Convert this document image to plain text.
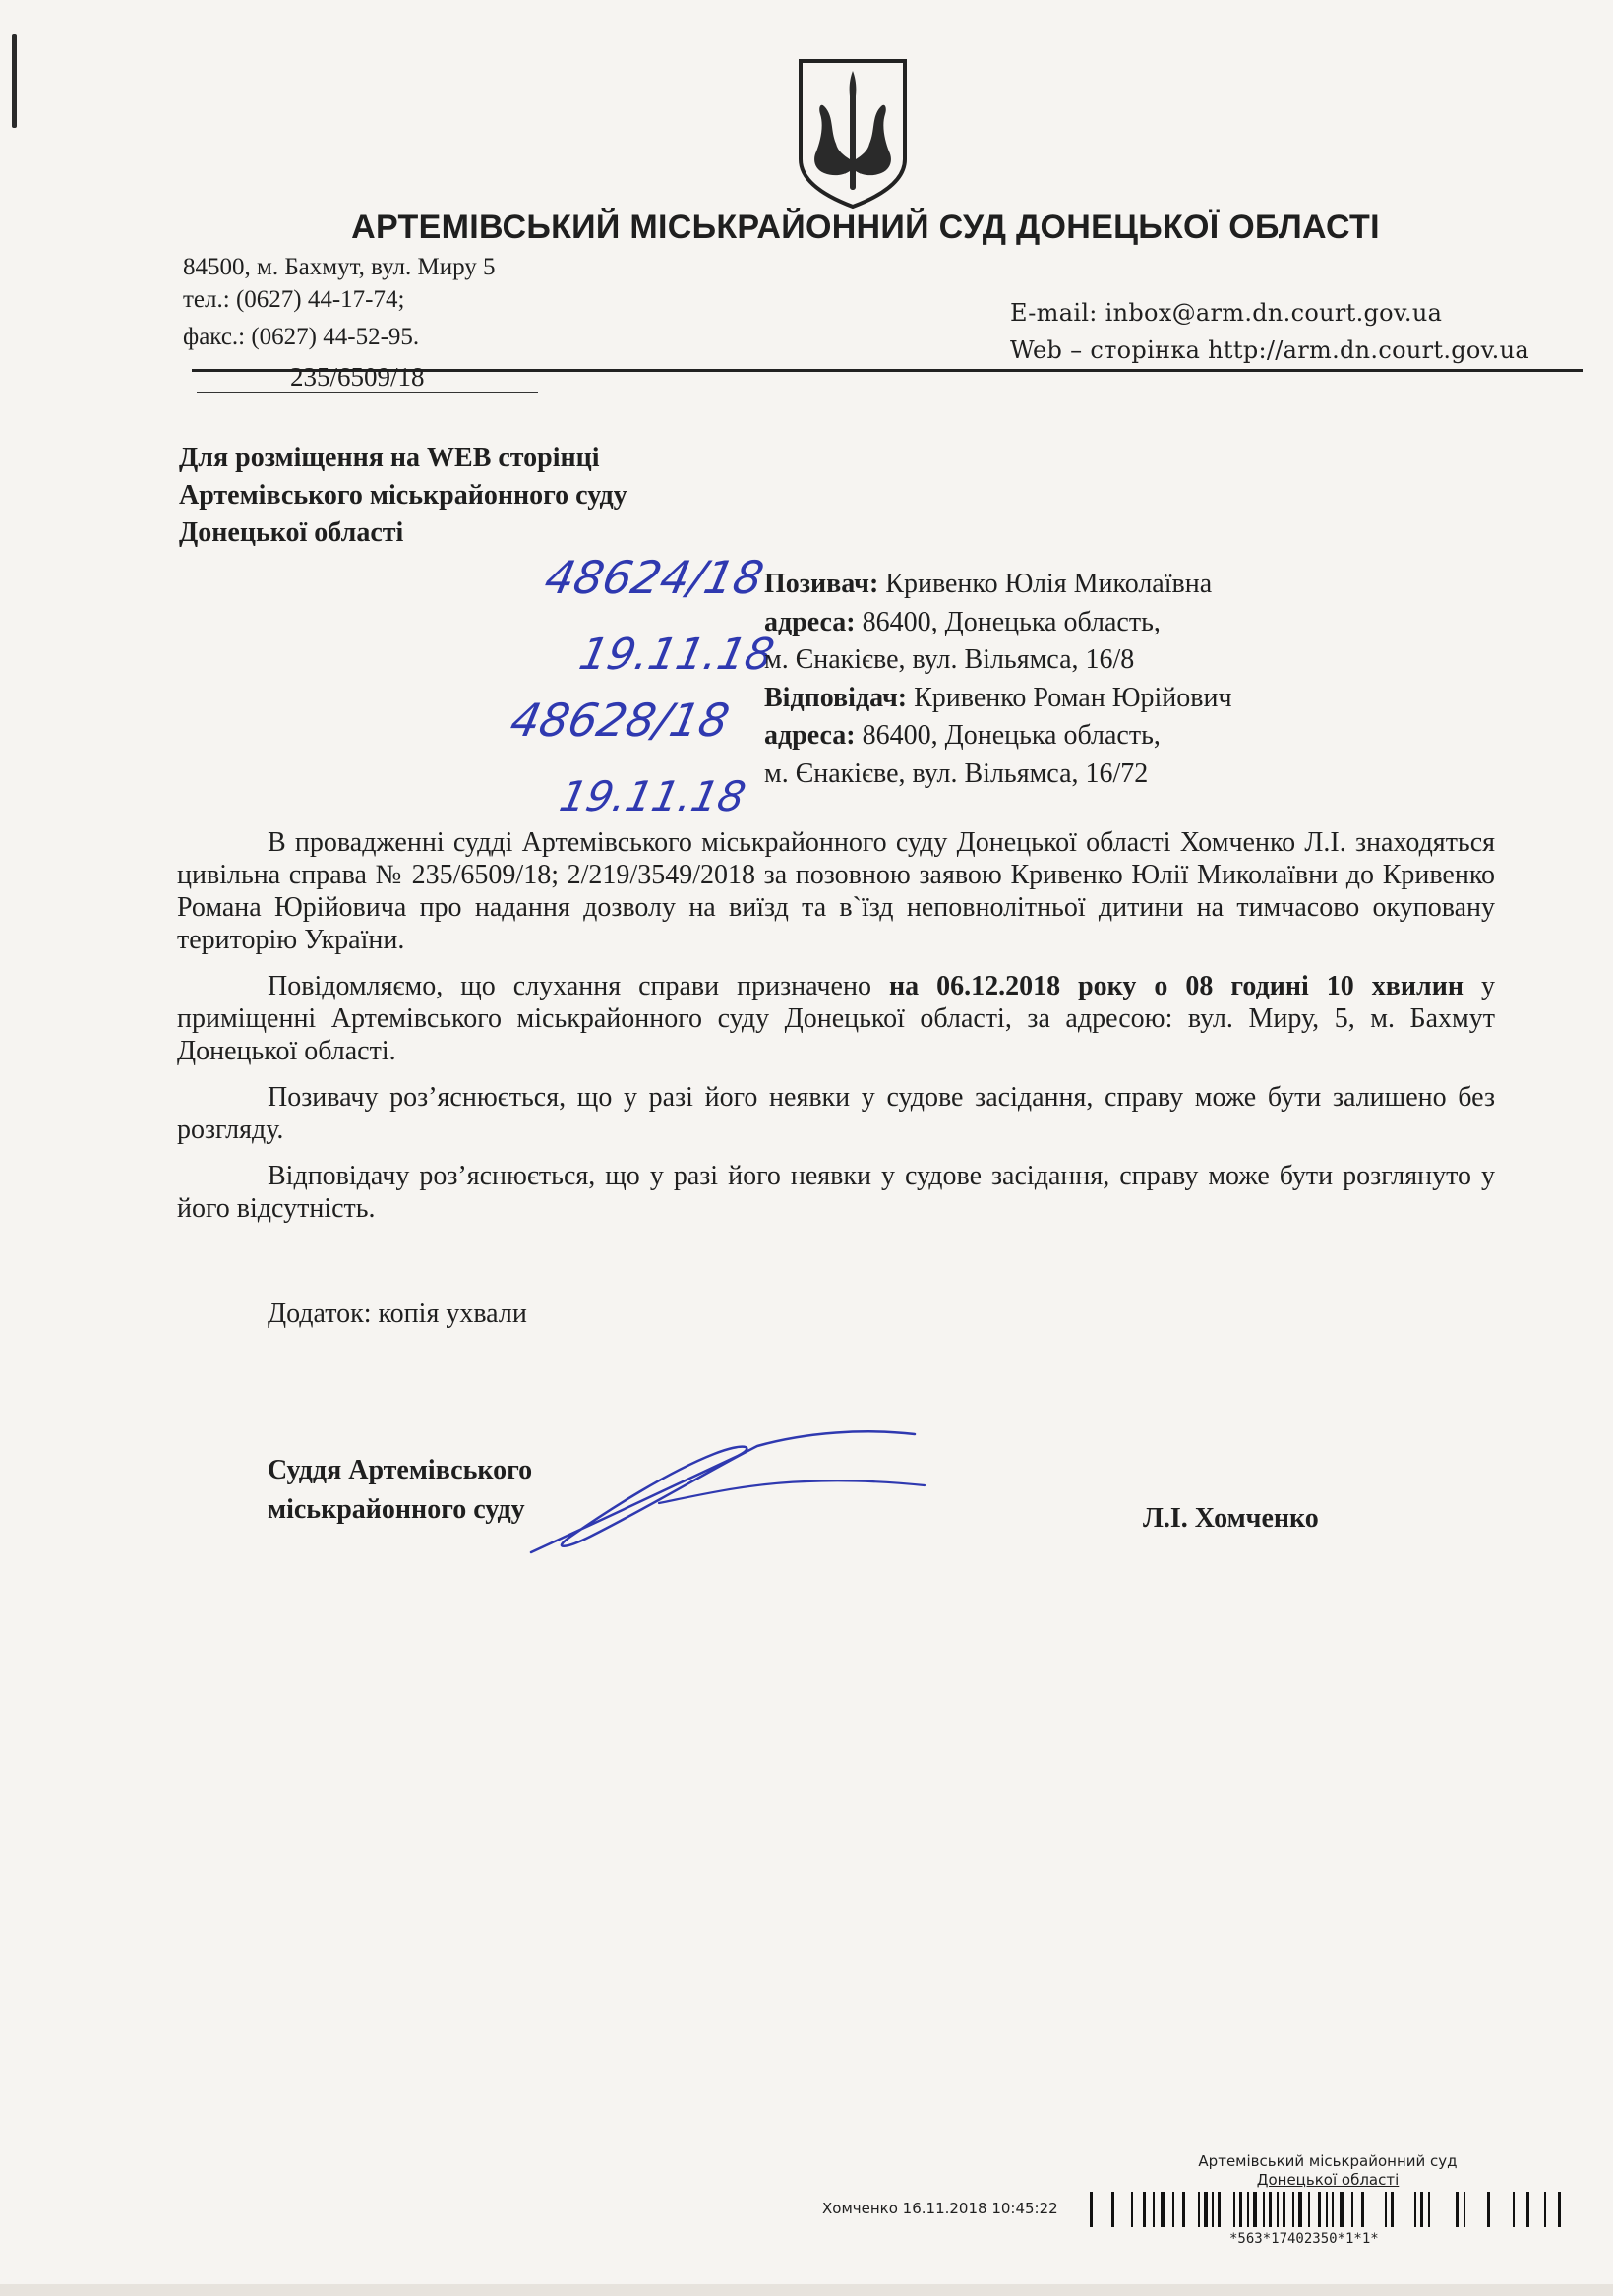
АРТЕМІВСЬКИЙ МІСЬКРАЙОННИЙ СУД ДОНЕЦЬКОЇ ОБЛАСТІ
84500, м. Бахмут, вул. Миру 5
тел.: (0627) 44-17-74;
факс.: (0627) 44-52-95.
E-mail: inbox@arm.dn.court.gov.ua
Web – сторінка http://arm.dn.court.gov.ua
235/6509/18
Для розміщення на WEB сторінці
Артемівського міськрайонного суду
Донецької області
48624/18
19.11.18
48628/18
19.11.18
Позивач: Кривенко Юлія Миколаївна
адреса: 86400, Донецька область,
м. Єнакієве, вул. Вільямса, 16/8
Відповідач: Кривенко Роман Юрійович
адреса: 86400, Донецька область,
м. Єнакієве, вул. Вільямса, 16/72

В провадженні судді Артемівського міськрайонного суду Донецької області Хомченко Л.І. знаходяться цивільна справа № 235/6509/18; 2/219/3549/2018 за позовною заявою Кривенко Юлії Миколаївни до Кривенко Романа Юрійовича про надання дозволу на виїзд та в`їзд неповнолітньої дитини на тимчасово окуповану територію України.

Повідомляємо, що слухання справи призначено на 06.12.2018 року о 08 годині 10 хвилин у приміщенні Артемівського міськрайонного суду Донецької області, за адресою: вул. Миру, 5, м. Бахмут Донецької області.

Позивачу роз’яснюється, що у разі його неявки у судове засідання, справу може бути залишено без розгляду.

Відповідачу роз’яснюється, що у разі його неявки у судове засідання, справу може бути розглянуто у його відсутність.

Додаток: копія ухвали
Суддя Артемівського
міськрайонного суду	Л.І. Хомченко
Артемівський міськрайонний суд
Донецької області
Хомченко 16.11.2018 10:45:22
*563*17402350*1*1*
